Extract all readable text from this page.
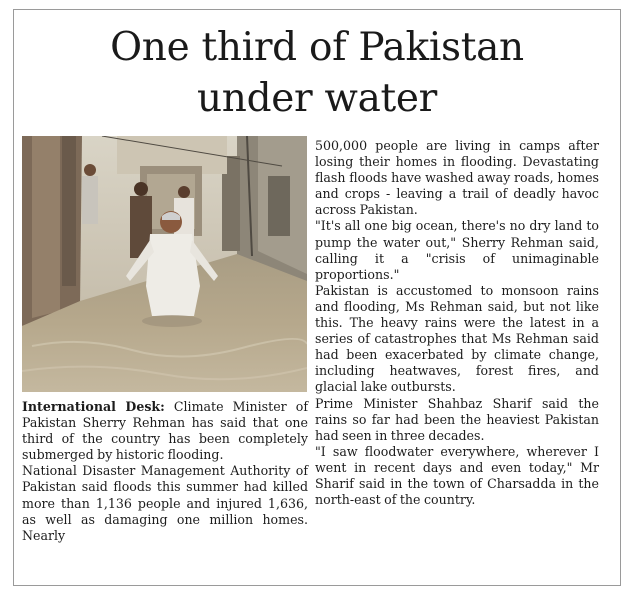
One third of Pakistan
under water

International Desk: Climate Minister of Pakistan Sherry Rehman has said that one third of the country has been completely submerged by historic flooding.

National Disaster Management Authority of Pakistan said floods this summer had killed more than 1,136 people and injured 1,636, as well as damaging one million homes. Nearly

500,000 people are living in camps after losing their homes in flooding. Devastating flash floods have washed away roads, homes and crops - leaving a trail of deadly havoc across Pakistan.

"It's all one big ocean, there's no dry land to pump the water out," Sherry Rehman said, calling it a "crisis of unimaginable proportions."

Pakistan is accustomed to monsoon rains and flooding, Ms Rehman said, but not like this. The heavy rains were the latest in a series of catastrophes that Ms Rehman said had been exacerbated by climate change, including heatwaves, forest fires, and glacial lake outbursts.

Prime Minister Shahbaz Sharif said the rains so far had been the heaviest Pakistan had seen in three decades.

"I saw floodwater everywhere, wherever I went in recent days and even today," Mr Sharif said in the town of Charsadda in the north-east of the country.
